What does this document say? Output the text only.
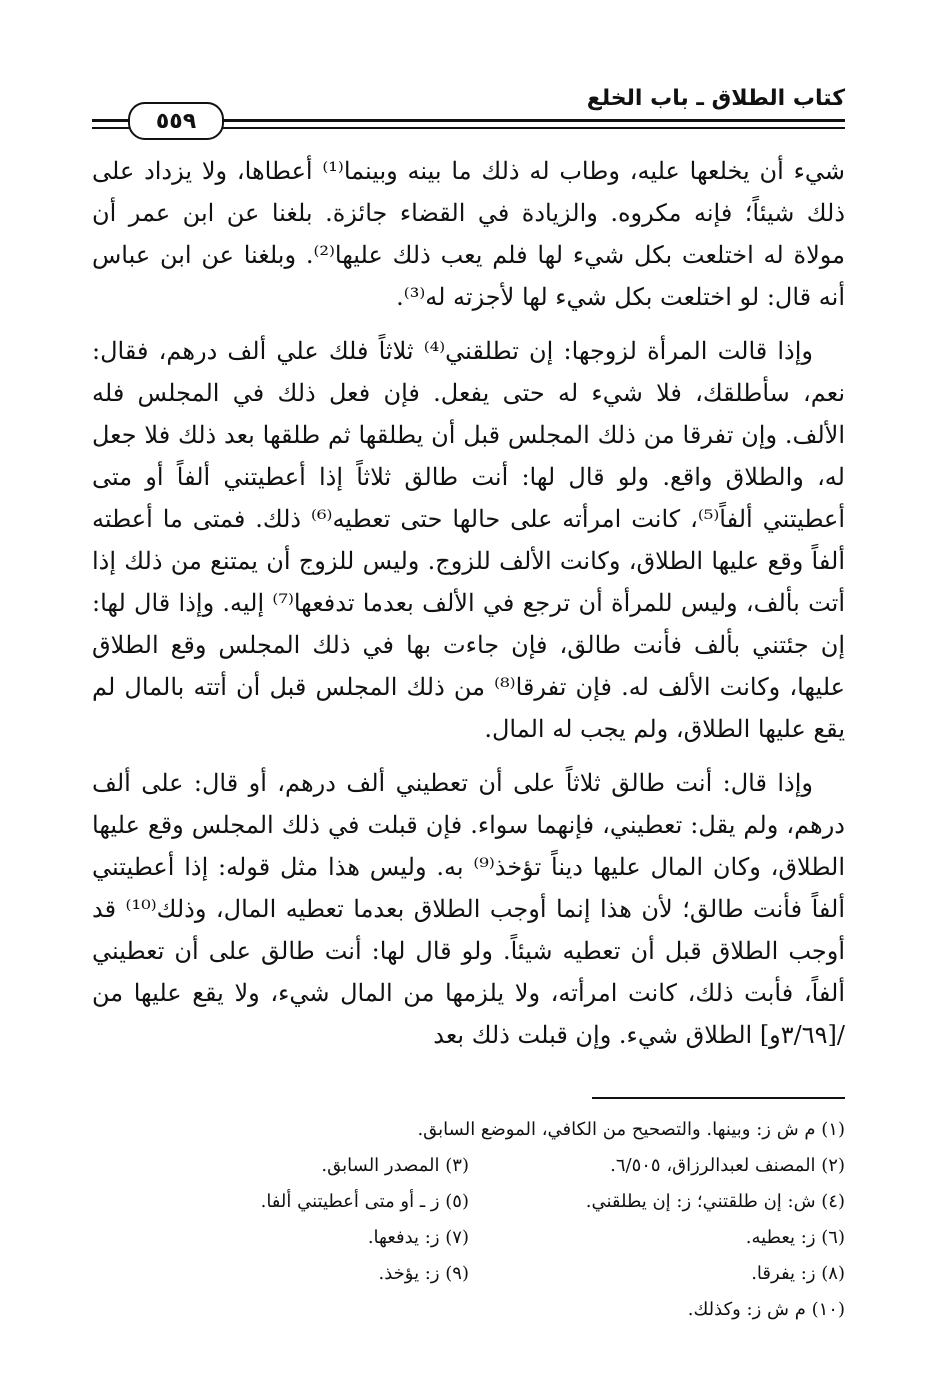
كتاب الطلاق ـ باب الخلع
٥٥٩

شيء أن يخلعها عليه، وطاب له ذلك ما بينه وبينما⁽¹⁾ أعطاها، ولا يزداد على ذلك شيئاً؛ فإنه مكروه. والزيادة في القضاء جائزة. بلغنا عن ابن عمر أن مولاة له اختلعت بكل شيء لها فلم يعب ذلك عليها⁽²⁾. وبلغنا عن ابن عباس أنه قال: لو اختلعت بكل شيء لها لأجزته له⁽³⁾.

وإذا قالت المرأة لزوجها: إن تطلقني⁽⁴⁾ ثلاثاً فلك علي ألف درهم، فقال: نعم، سأطلقك، فلا شيء له حتى يفعل. فإن فعل ذلك في المجلس فله الألف. وإن تفرقا من ذلك المجلس قبل أن يطلقها ثم طلقها بعد ذلك فلا جعل له، والطلاق واقع. ولو قال لها: أنت طالق ثلاثاً إذا أعطيتني ألفاً أو متى أعطيتني ألفاً⁽⁵⁾، كانت امرأته على حالها حتى تعطيه⁽⁶⁾ ذلك. فمتى ما أعطته ألفاً وقع عليها الطلاق، وكانت الألف للزوج. وليس للزوج أن يمتنع من ذلك إذا أتت بألف، وليس للمرأة أن ترجع في الألف بعدما تدفعها⁽⁷⁾ إليه. وإذا قال لها: إن جئتني بألف فأنت طالق، فإن جاءت بها في ذلك المجلس وقع الطلاق عليها، وكانت الألف له. فإن تفرقا⁽⁸⁾ من ذلك المجلس قبل أن أتته بالمال لم يقع عليها الطلاق، ولم يجب له المال.

وإذا قال: أنت طالق ثلاثاً على أن تعطيني ألف درهم، أو قال: على ألف درهم، ولم يقل: تعطيني، فإنهما سواء. فإن قبلت في ذلك المجلس وقع عليها الطلاق، وكان المال عليها ديناً تؤخذ⁽⁹⁾ به. وليس هذا مثل قوله: إذا أعطيتني ألفاً فأنت طالق؛ لأن هذا إنما أوجب الطلاق بعدما تعطيه المال، وذلك⁽¹⁰⁾ قد أوجب الطلاق قبل أن تعطيه شيئاً. ولو قال لها: أنت طالق على أن تعطيني ألفاً، فأبت ذلك، كانت امرأته، ولا يلزمها من المال شيء، ولا يقع عليها من /[٣/٦٩و] الطلاق شيء. وإن قبلت ذلك بعد

(١) م ش ز: وبينها. والتصحيح من الكافي، الموضع السابق.
(٢) المصنف لعبدالرزاق، ٦/٥٠٥.
(٣) المصدر السابق.
(٤) ش: إن طلقتني؛ ز: إن يطلقني.
(٥) ز ـ أو متى أعطيتني ألفا.
(٦) ز: يعطيه.
(٧) ز: يدفعها.
(٨) ز: يفرقا.
(٩) ز: يؤخذ.
(١٠) م ش ز: وكذلك.
